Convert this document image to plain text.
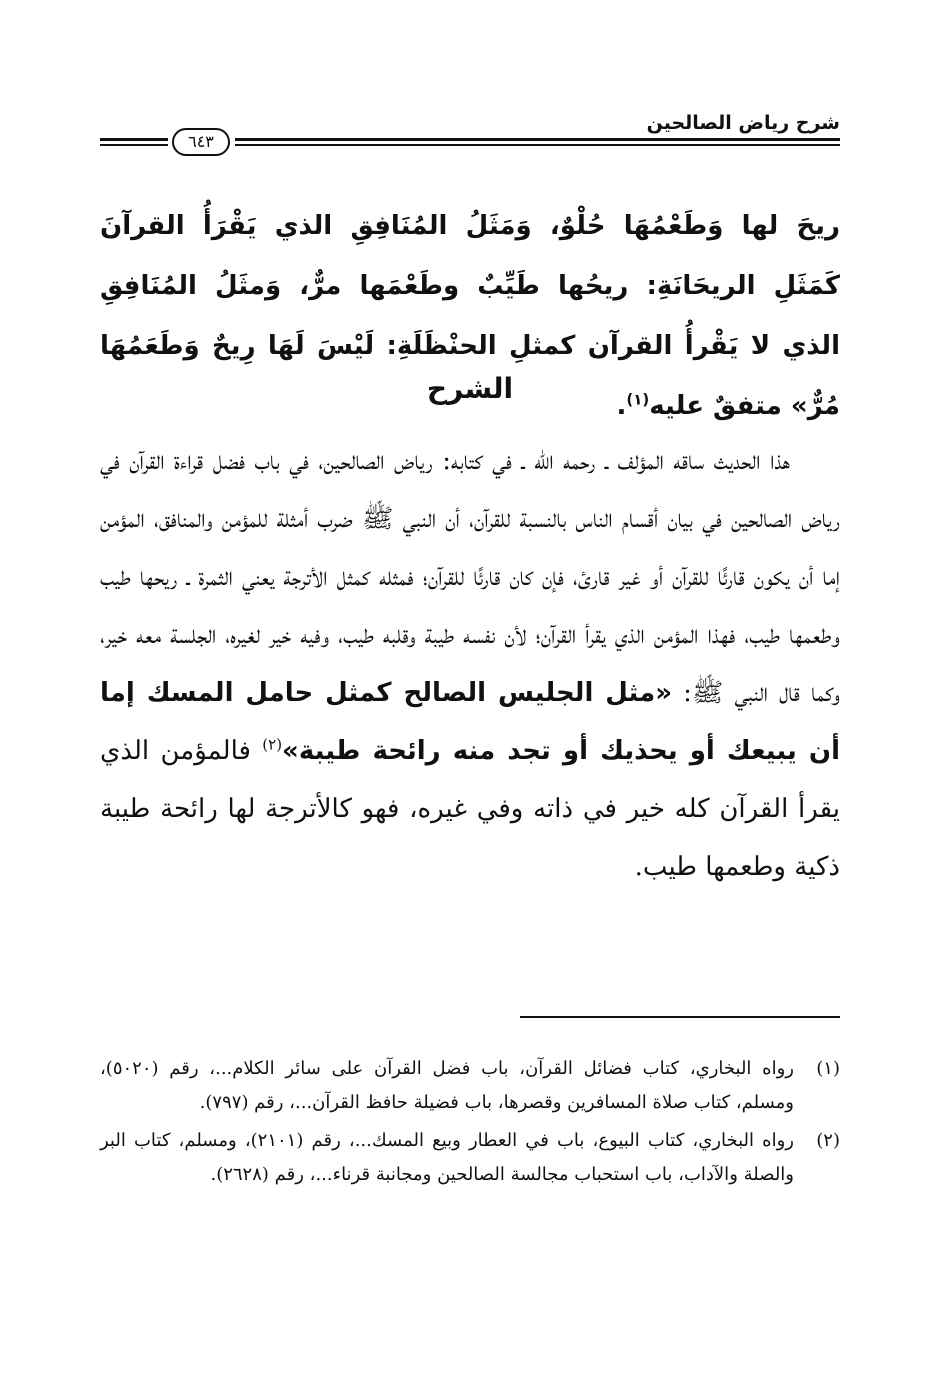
شرح رياض الصالحين
٦٤٣
ريحَ لها وَطَعْمُهَا حُلْوٌ، وَمَثَلُ المُنَافِقِ الذي يَقْرَأُ القرآنَ كَمَثَلِ الريحَانَةِ: ريحُها طَيِّبٌ وطَعْمَها مرٌّ، وَمثَلُ المُنَافِقِ الذي لا يَقْرأُ القرآن كمثلِ الحنْظَلَةِ: لَيْسَ لَهَا رِيحٌ وَطَعَمُهَا مُرٌّ» متفقٌ عليه$^{(١)}$.
الشرح

هذا الحديث ساقه المؤلف ـ رحمه الله ـ في كتابه: رياض الصالحين، في باب فضل قراءة القرآن في رياض الصالحين في بيان أقسام الناس بالنسبة للقرآن، أن النبي ﷺ ضرب أمثلة للمؤمن والمنافق، المؤمن إما أن يكون قارئًا للقرآن أو غير قارئ، فإن كان قارئًا للقرآن؛ فمثله كمثل الأترجة يعني الثمرة ـ ريحها طيب وطعمها طيب، فهذا المؤمن الذي يقرأ القرآن؛ لأن نفسه طيبة وقلبه طيب، وفيه خير لغيره، الجلسة معه خير، وكما قال النبي ﷺ: «مثل الجليس الصالح كمثل حامل المسك إما أن يبيعك أو يحذيك أو تجد منه رائحة طيبة»$^{(٢)}$ فالمؤمن الذي يقرأ القرآن كله خير في ذاته وفي غيره، فهو كالأترجة لها رائحة طيبة ذكية وطعمها طيب.

(١)
رواه البخاري، كتاب فضائل القرآن، باب فضل القرآن على سائر الكلام...، رقم (٥٠٢٠)، ومسلم، كتاب صلاة المسافرين وقصرها، باب فضيلة حافظ القرآن...، رقم (٧٩٧).
(٢)
رواه البخاري، كتاب البيوع، باب في العطار وبيع المسك...، رقم (٢١٠١)، ومسلم، كتاب البر والصلة والآداب، باب استحباب مجالسة الصالحين ومجانبة قرناء...، رقم (٢٦٢٨).
